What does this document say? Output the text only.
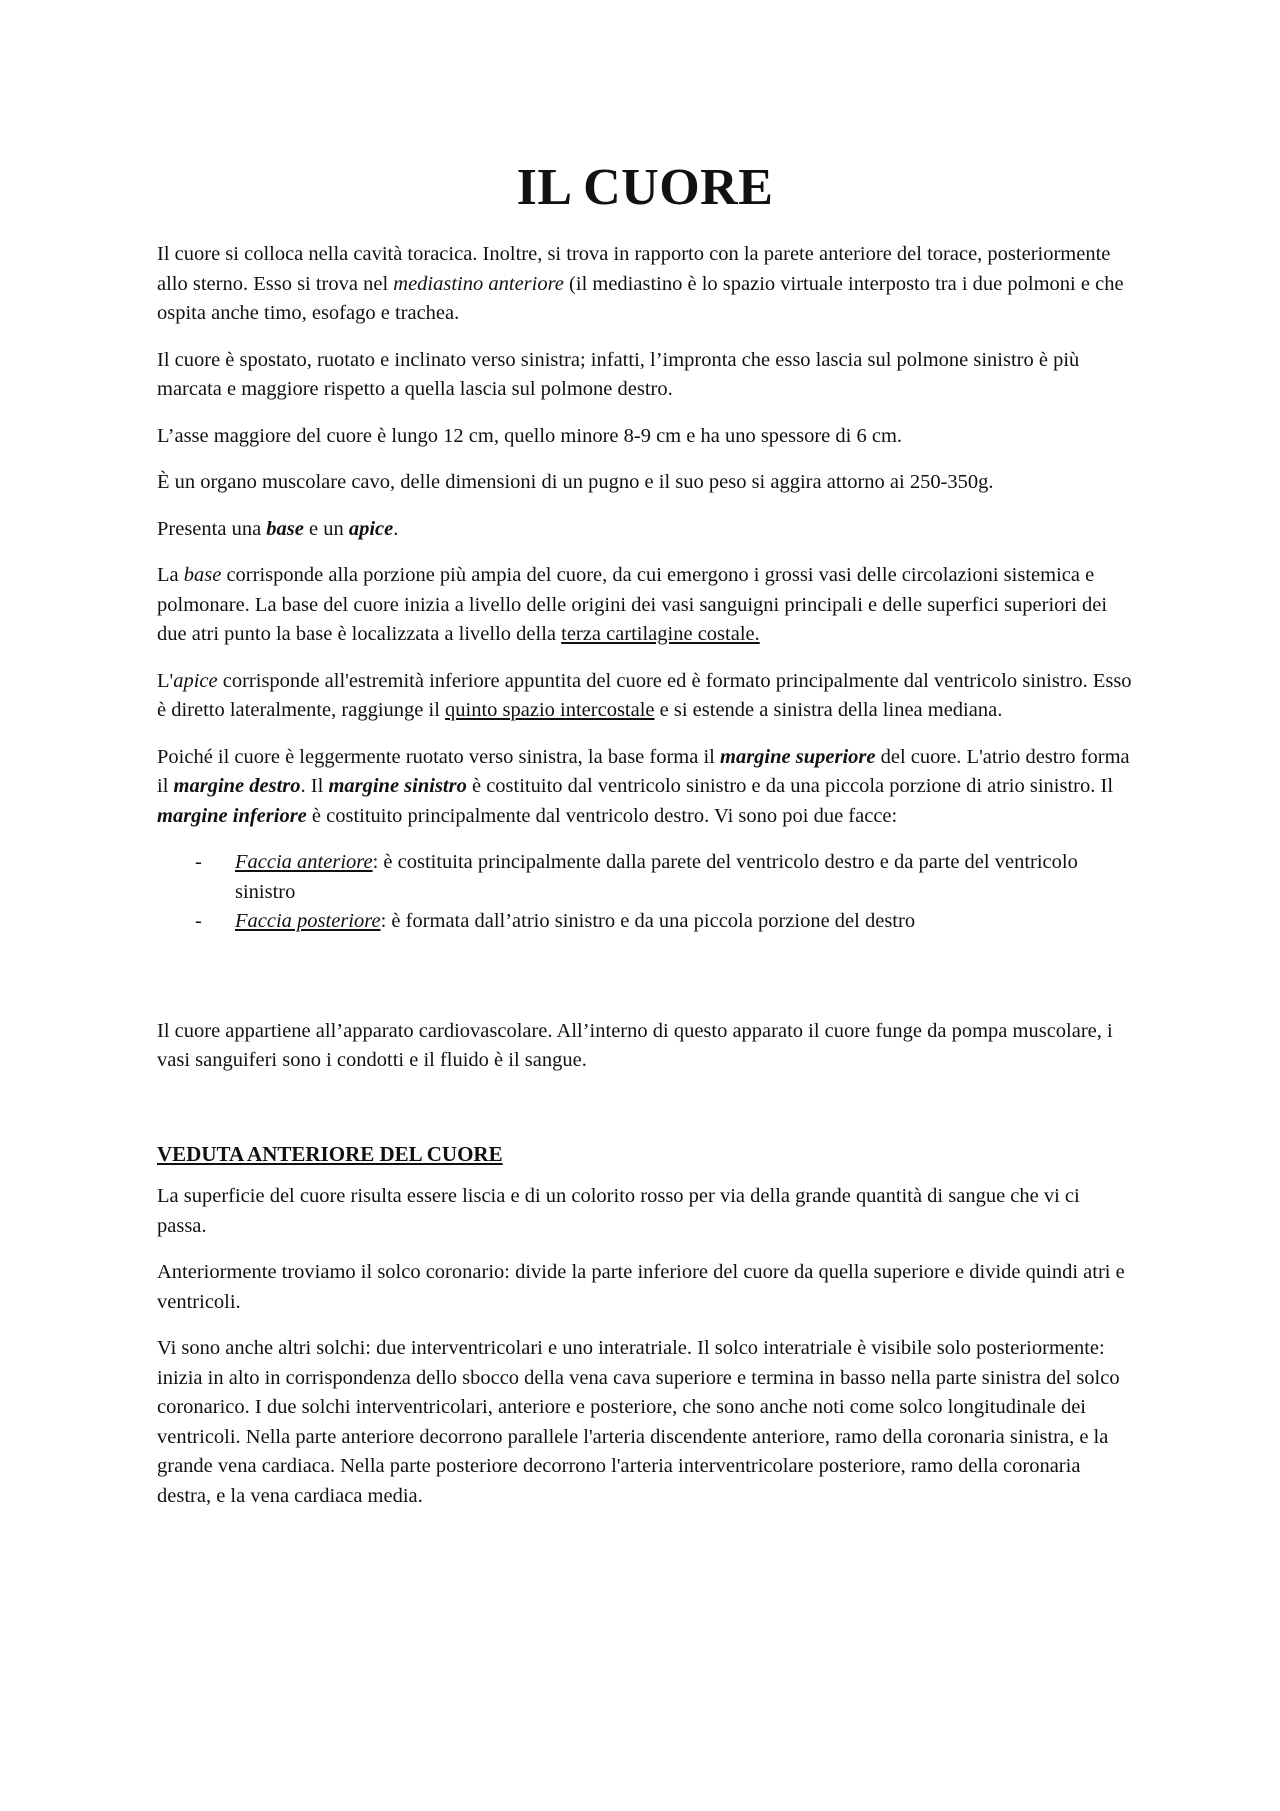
IL CUORE

Il cuore si colloca nella cavità toracica. Inoltre, si trova in rapporto con la parete anteriore del torace, posteriormente allo sterno. Esso si trova nel mediastino anteriore (il mediastino è lo spazio virtuale interposto tra i due polmoni e che ospita anche timo, esofago e trachea.

Il cuore è spostato, ruotato e inclinato verso sinistra; infatti, l’impronta che esso lascia sul polmone sinistro è più marcata e maggiore rispetto a quella lascia sul polmone destro.

L’asse maggiore del cuore è lungo 12 cm, quello minore 8-9 cm e ha uno spessore di 6 cm.

È un organo muscolare cavo, delle dimensioni di un pugno e il suo peso si aggira attorno ai 250-350g.

Presenta una base e un apice.

La base corrisponde alla porzione più ampia del cuore, da cui emergono i grossi vasi delle circolazioni sistemica e polmonare. La base del cuore inizia a livello delle origini dei vasi sanguigni principali e delle superfici superiori dei due atri punto la base è localizzata a livello della terza cartilagine costale.

L'apice corrisponde all'estremità inferiore appuntita del cuore ed è formato principalmente dal ventricolo sinistro. Esso è diretto lateralmente, raggiunge il quinto spazio intercostale e si estende a sinistra della linea mediana.

Poiché il cuore è leggermente ruotato verso sinistra, la base forma il margine superiore del cuore. L'atrio destro forma il margine destro. Il margine sinistro è costituito dal ventricolo sinistro e da una piccola porzione di atrio sinistro. Il margine inferiore è costituito principalmente dal ventricolo destro. Vi sono poi due facce:

- Faccia anteriore: è costituita principalmente dalla parete del ventricolo destro e da parte del ventricolo sinistro
- Faccia posteriore: è formata dall’atrio sinistro e da una piccola porzione del destro

Il cuore appartiene all’apparato cardiovascolare. All’interno di questo apparato il cuore funge da pompa muscolare, i vasi sanguiferi sono i condotti e il fluido è il sangue.

VEDUTA ANTERIORE DEL CUORE

La superficie del cuore risulta essere liscia e di un colorito rosso per via della grande quantità di sangue che vi ci passa.

Anteriormente troviamo il solco coronario: divide la parte inferiore del cuore da quella superiore e divide quindi atri e ventricoli.

Vi sono anche altri solchi: due interventricolari e uno interatriale. Il solco interatriale è visibile solo posteriormente: inizia in alto in corrispondenza dello sbocco della vena cava superiore e termina in basso nella parte sinistra del solco coronarico. I due solchi interventricolari, anteriore e posteriore, che sono anche noti come solco longitudinale dei ventricoli. Nella parte anteriore decorrono parallele l'arteria discendente anteriore, ramo della coronaria sinistra, e la grande vena cardiaca. Nella parte posteriore decorrono l'arteria interventricolare posteriore, ramo della coronaria destra, e la vena cardiaca media.
